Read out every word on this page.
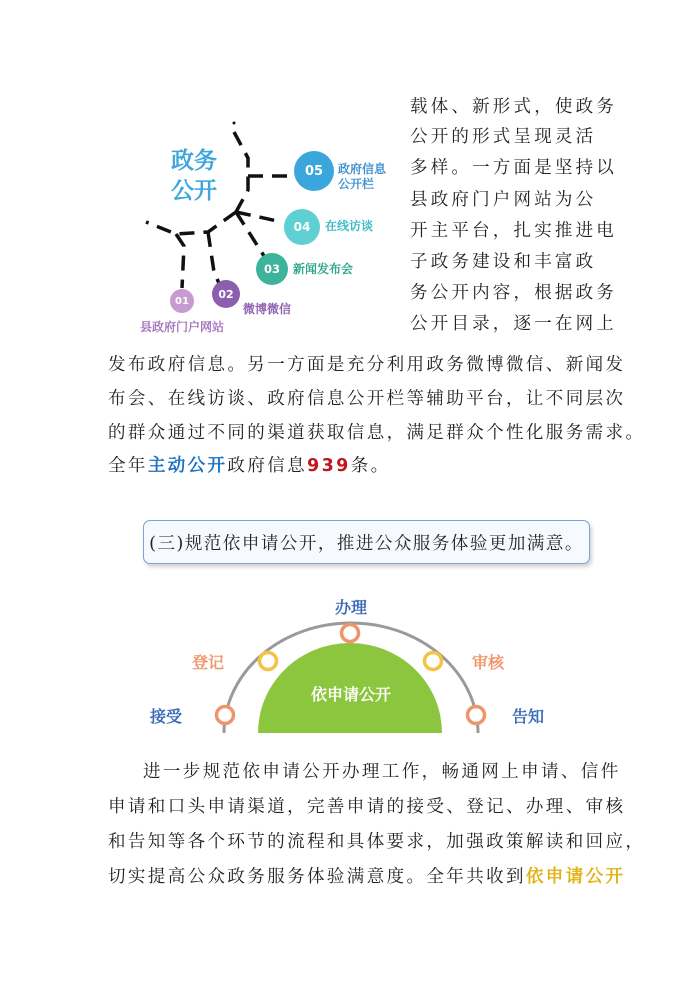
政务
公开
05 政府信息
公开栏
04 在线访谈
03 新闻发布会
02
微博微信
01
县政府门户网站
载体、新形式，使政务
公开的形式呈现灵活
多样。一方面是坚持以
县政府门户网站为公
开主平台，扎实推进电
子政务建设和丰富政
务公开内容，根据政务
公开目录，逐一在网上
发布政府信息。另一方面是充分利用政务微博微信、新闻发
布会、在线访谈、政府信息公开栏等辅助平台，让不同层次
的群众通过不同的渠道获取信息，满足群众个性化服务需求。
全年主动公开政府信息939条。
(三)规范依申请公开，推进公众服务体验更加满意。
依申请公开
接受
登记
办理
审核
告知
进一步规范依申请公开办理工作，畅通网上申请、信件
申请和口头申请渠道，完善申请的接受、登记、办理、审核
和告知等各个环节的流程和具体要求，加强政策解读和回应，
切实提高公众政务服务体验满意度。全年共收到依申请公开
